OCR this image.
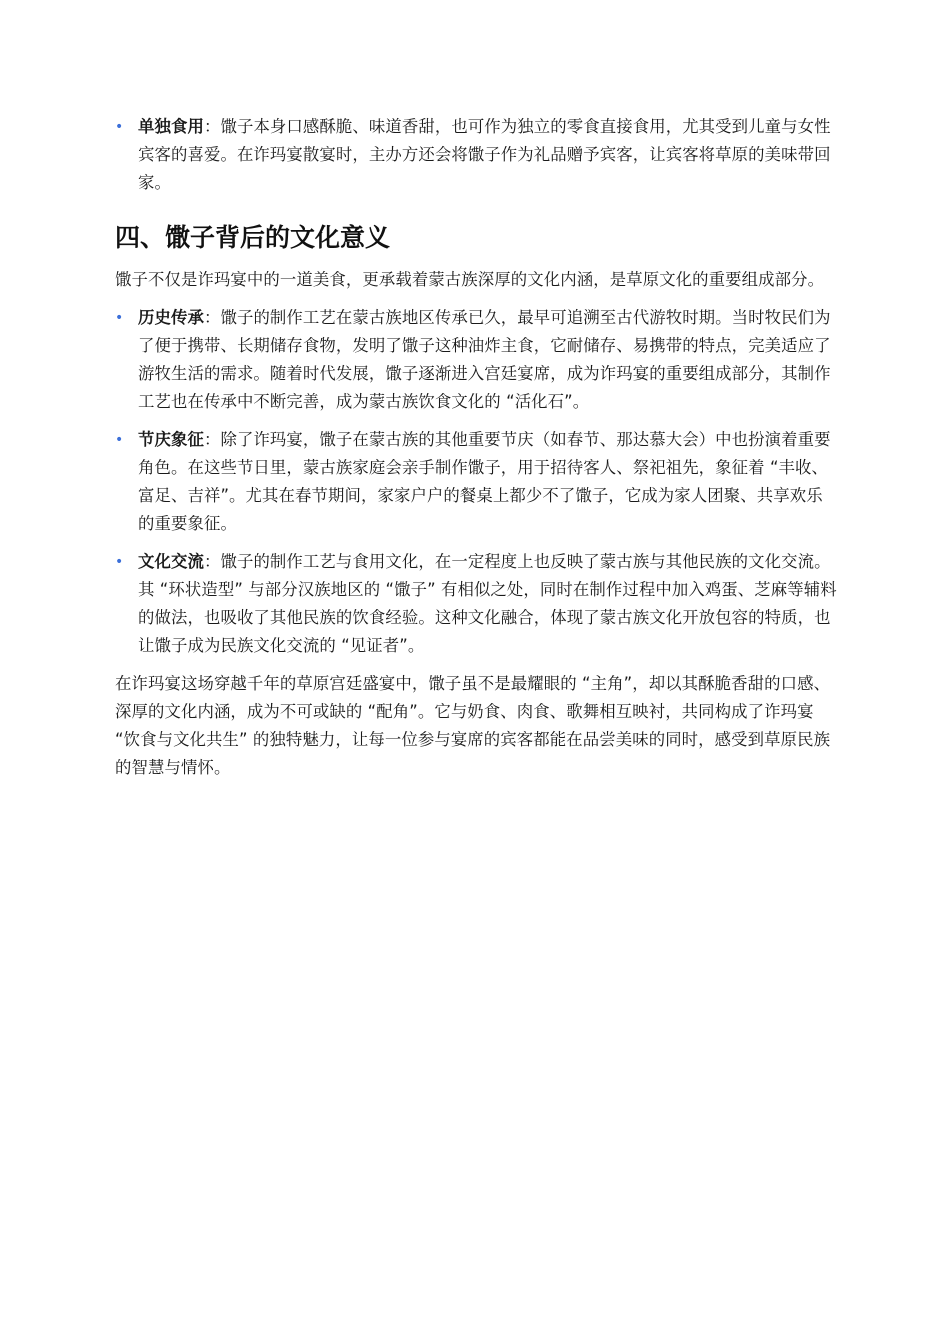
• 单独食用：馓子本身口感酥脆、味道香甜，也可作为独立的零食直接食用，尤其受到儿童与女性宾客的喜爱。在诈玛宴散宴时，主办方还会将馓子作为礼品赠予宾客，让宾客将草原的美味带回家。
四、馓子背后的文化意义

馓子不仅是诈玛宴中的一道美食，更承载着蒙古族深厚的文化内涵，是草原文化的重要组成部分。

• 历史传承：馓子的制作工艺在蒙古族地区传承已久，最早可追溯至古代游牧时期。当时牧民们为了便于携带、长期储存食物，发明了馓子这种油炸主食，它耐储存、易携带的特点，完美适应了游牧生活的需求。随着时代发展，馓子逐渐进入宫廷宴席，成为诈玛宴的重要组成部分，其制作工艺也在传承中不断完善，成为蒙古族饮食文化的 “活化石”。
• 节庆象征：除了诈玛宴，馓子在蒙古族的其他重要节庆（如春节、那达慕大会）中也扮演着重要角色。在这些节日里，蒙古族家庭会亲手制作馓子，用于招待客人、祭祀祖先，象征着 “丰收、富足、吉祥”。尤其在春节期间，家家户户的餐桌上都少不了馓子，它成为家人团聚、共享欢乐的重要象征。
• 文化交流：馓子的制作工艺与食用文化，在一定程度上也反映了蒙古族与其他民族的文化交流。其 “环状造型” 与部分汉族地区的 “馓子” 有相似之处，同时在制作过程中加入鸡蛋、芝麻等辅料的做法，也吸收了其他民族的饮食经验。这种文化融合，体现了蒙古族文化开放包容的特质，也让馓子成为民族文化交流的 “见证者”。

在诈玛宴这场穿越千年的草原宫廷盛宴中，馓子虽不是最耀眼的 “主角”，却以其酥脆香甜的口感、深厚的文化内涵，成为不可或缺的 “配角”。它与奶食、肉食、歌舞相互映衬，共同构成了诈玛宴 “饮食与文化共生” 的独特魅力，让每一位参与宴席的宾客都能在品尝美味的同时，感受到草原民族的智慧与情怀。
